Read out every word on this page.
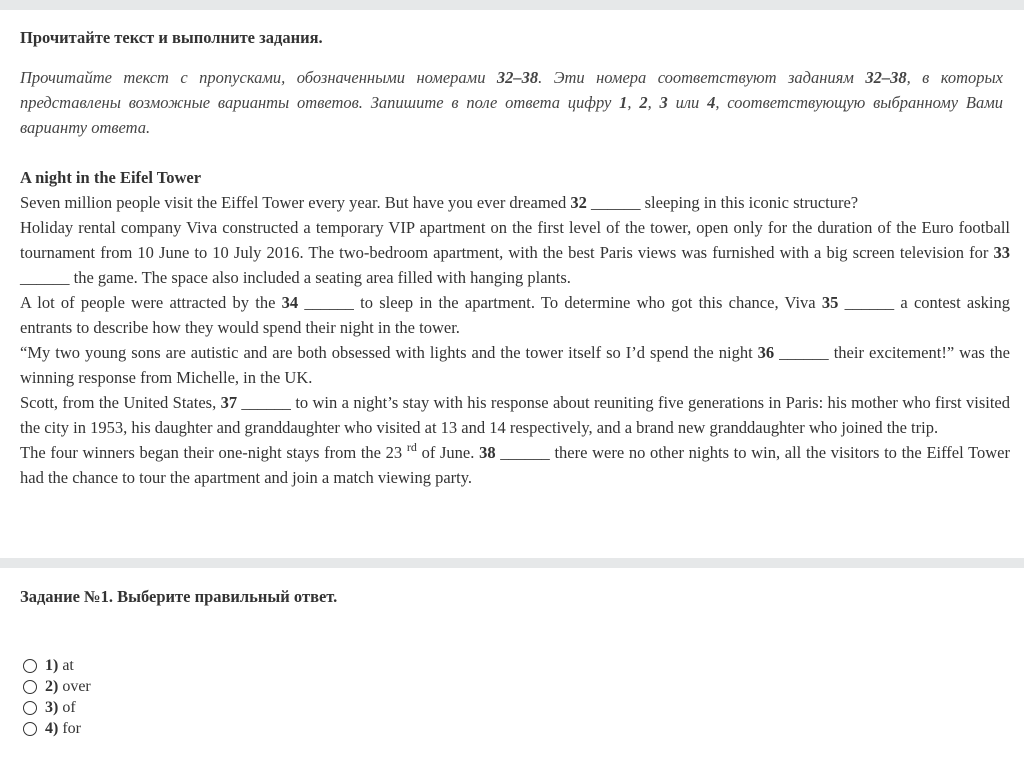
Прочитайте текст и выполните задания.
Прочитайте текст с пропусками, обозначенными номерами 32–38. Эти номера соответствуют заданиям 32–38, в которых представлены возможные варианты ответов. Запишите в поле ответа цифру 1, 2, 3 или 4, соответствующую выбранному Вами варианту ответа.
A night in the Eifel Tower

Seven million people visit the Eiffel Tower every year. But have you ever dreamed 32 ______ sleeping in this iconic structure?

Holiday rental company Viva constructed a temporary VIP apartment on the first level of the tower, open only for the duration of the Euro football tournament from 10 June to 10 July 2016. The two-bedroom apartment, with the best Paris views was furnished with a big screen television for 33 ______ the game. The space also included a seating area filled with hanging plants.

A lot of people were attracted by the 34 ______ to sleep in the apartment. To determine who got this chance, Viva 35 ______ a contest asking entrants to describe how they would spend their night in the tower.

“My two young sons are autistic and are both obsessed with lights and the tower itself so I’d spend the night 36 ______ their excitement!” was the winning response from Michelle, in the UK.

Scott, from the United States, 37 ______ to win a night’s stay with his response about reuniting five generations in Paris: his mother who first visited the city in 1953, his daughter and granddaughter who visited at 13 and 14 respectively, and a brand new granddaughter who joined the trip.

The four winners began their one-night stays from the 23 $^{rd}$ of June. 38 ______ there were no other nights to win, all the visitors to the Eiffel Tower had the chance to tour the apartment and join a match viewing party.

Задание №1. Выберите правильный ответ.
1) at
2) over
3) of
4) for
